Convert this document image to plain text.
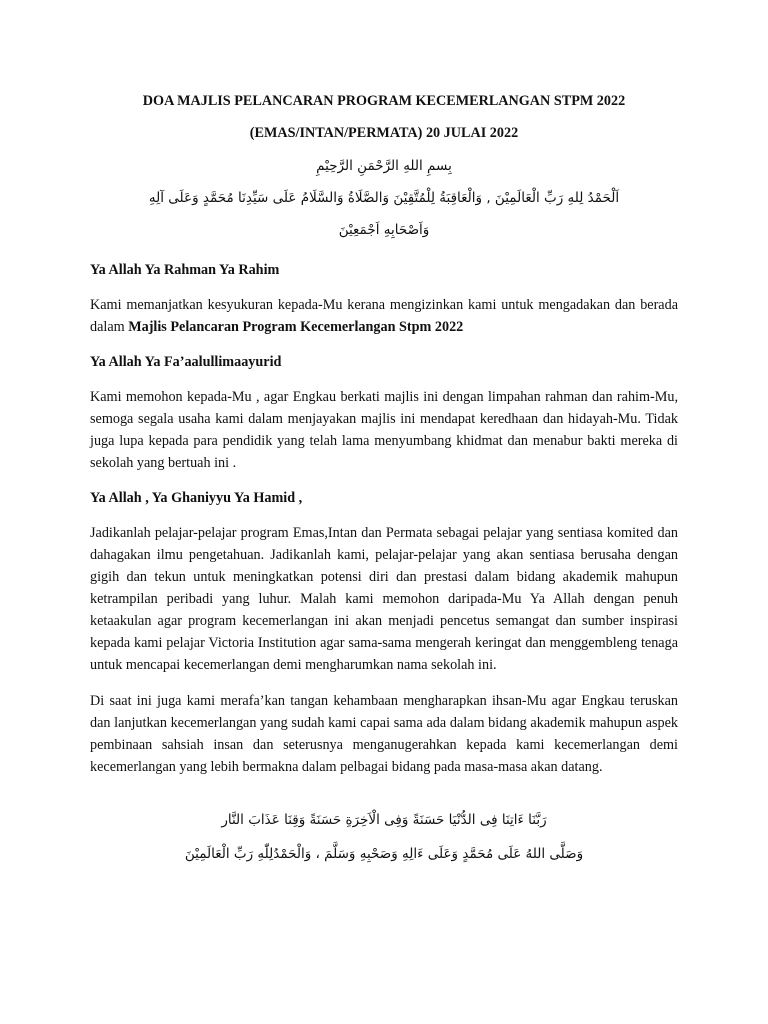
DOA MAJLIS PELANCARAN PROGRAM KECEMERLANGAN STPM 2022

(EMAS/INTAN/PERMATA) 20 JULAI 2022

بِسمِ اللهِ الرَّحْمَنِ الرَّحِيْمِ

اَلْحَمْدُ لِلهِ رَبِّ الْعَالَمِيْنَ , وَالْعَاقِبَةُ لِلْمُتَّقِيْنَ وَالصَّلَاةُ وَالسَّلَامُ عَلَى سَيِّدِنَا مُحَمَّدٍ وَعَلَى آلِهِ

وَاَصْحَابِهِ اَجْمَعِيْنَ

Ya Allah Ya Rahman Ya Rahim

Kami memanjatkan kesyukuran kepada-Mu kerana mengizinkan kami untuk mengadakan dan berada dalam Majlis Pelancaran Program Kecemerlangan Stpm 2022

Ya Allah Ya Fa’aalullimaayurid

Kami memohon kepada-Mu , agar Engkau berkati majlis ini dengan limpahan rahman dan rahim-Mu, semoga segala usaha kami dalam menjayakan majlis ini mendapat keredhaan dan hidayah-Mu. Tidak juga lupa kepada para pendidik yang telah lama menyumbang khidmat dan menabur bakti mereka di sekolah yang bertuah ini .

Ya Allah , Ya Ghaniyyu Ya Hamid ,

Jadikanlah pelajar-pelajar program Emas,Intan dan Permata sebagai pelajar yang sentiasa komited dan dahagakan ilmu pengetahuan. Jadikanlah kami, pelajar-pelajar yang akan sentiasa berusaha dengan gigih dan tekun untuk meningkatkan potensi diri dan prestasi dalam bidang akademik mahupun ketrampilan peribadi yang luhur. Malah kami memohon daripada-Mu Ya Allah dengan penuh ketaakulan agar program kecemerlangan ini akan menjadi pencetus semangat dan sumber inspirasi kepada kami pelajar Victoria Institution agar sama-sama mengerah keringat dan menggembleng tenaga untuk mencapai kecemerlangan demi mengharumkan nama sekolah ini.

Di saat ini juga kami merafa’kan tangan kehambaan mengharapkan ihsan-Mu agar Engkau teruskan dan lanjutkan kecemerlangan yang sudah kami capai sama ada dalam bidang akademik mahupun aspek pembinaan sahsiah insan dan seterusnya menganugerahkan kepada kami kecemerlangan demi kecemerlangan yang lebih bermakna dalam pelbagai bidang pada masa-masa akan datang.

رَبَّنَا ءَاتِنَا فِى الدُّنْيَا حَسَنَةً وَفِى الْاَخِرَةِ حَسَنَةً وَقِنَا عَذَابَ النَّار

وَصَلَّى اللهُ عَلَى مُحَمَّدٍ وَعَلَى ءَالِهِ وَصَحْبِهِ وَسَلَّمَ ، وَالْحَمْدُلِلّٰهِ رَبِّ الْعَالَمِيْنَ
